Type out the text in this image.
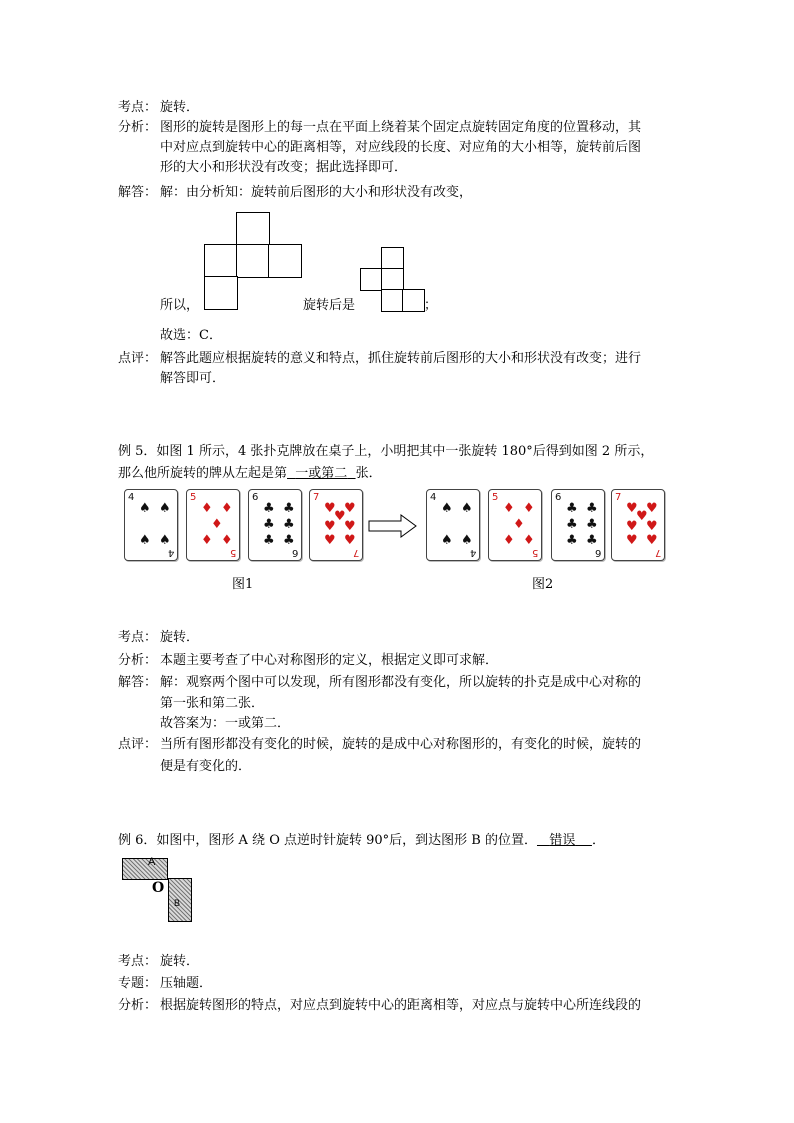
考点： 旋转．
分析： 图形的旋转是图形上的每一点在平面上绕着某个固定点旋转固定角度的位置移动，其
中对应点到旋转中心的距离相等，对应线段的长度、对应角的大小相等，旋转前后图
形的大小和形状没有改变；据此选择即可．
解答： 解：由分析知：旋转前后图形的大小和形状没有改变，
所以，	旋转后是	；
故选：C．
点评： 解答此题应根据旋转的意义和特点，抓住旋转前后图形的大小和形状没有改变；进行
解答即可．
例 5．如图 1 所示，4 张扑克牌放在桌子上，小明把其中一张旋转 180°后得到如图 2 所示，
那么他所旋转的牌从左起是第 一或第二 张．
4
4
♠ ♠
♠ ♠
5
5
♦ ♦
♦
♦ ♦
6
6
♣ ♣
♣ ♣
♣ ♣
7
7
♥ ♥
♥
♥ ♥
♥ ♥
4
4
♠ ♠
♠ ♠
5
5
♦ ♦
♦
♦ ♦
6
6
♣ ♣
♣ ♣
♣ ♣
7
7
♥ ♥
♥
♥ ♥
♥ ♥
图1	图2
考点： 旋转．
分析： 本题主要考查了中心对称图形的定义，根据定义即可求解．
解答： 解：观察两个图中可以发现，所有图形都没有变化，所以旋转的扑克是成中心对称的
第一张和第二张．
故答案为：一或第二．
点评： 当所有图形都没有变化的时候，旋转的是成中心对称图形的，有变化的时候，旋转的
便是有变化的．
例 6．如图中，图形 A 绕 O 点逆时针旋转 90°后，到达图形 B 的位置． 错误 ．
A
B
O
考点： 旋转．
专题： 压轴题．
分析： 根据旋转图形的特点，对应点到旋转中心的距离相等，对应点与旋转中心所连线段的
